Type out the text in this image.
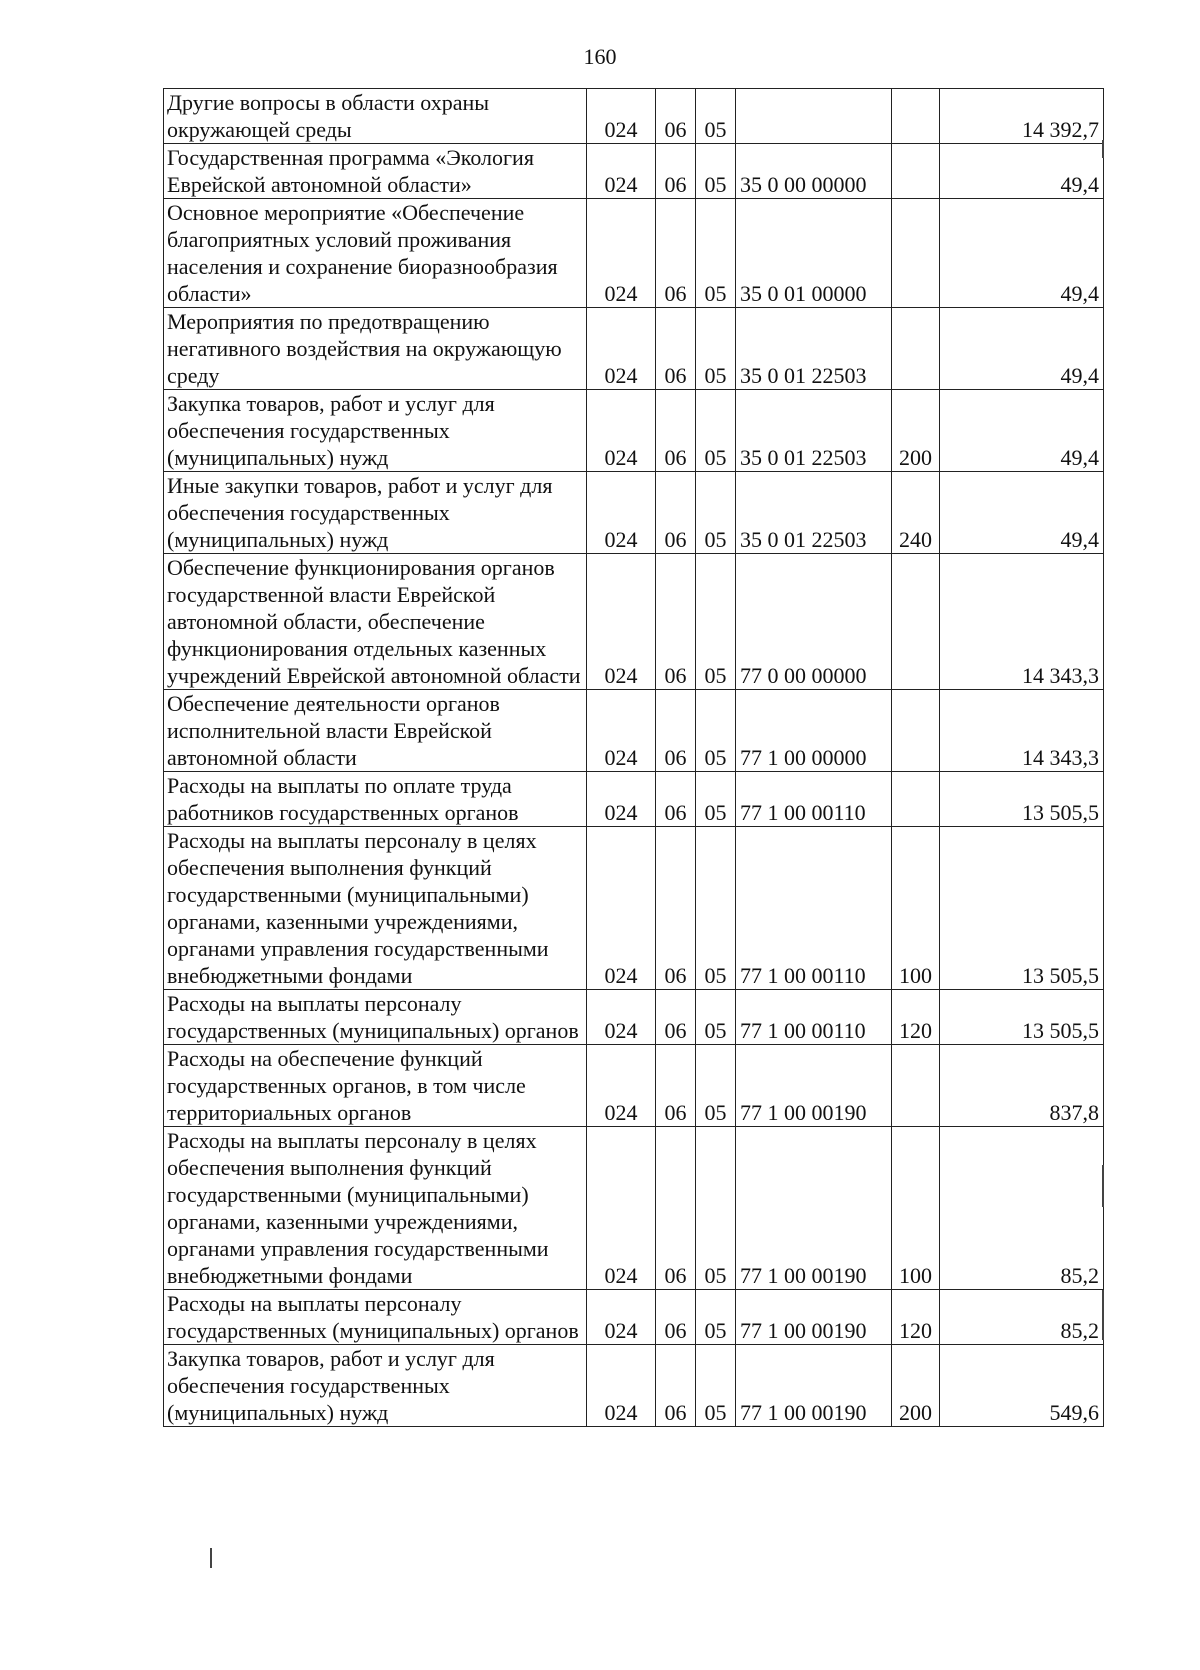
160
Другие вопросы в области охраны окружающей среды	024	06	05			14 392,7
Государственная программа «Экология Еврейской автономной области»	024	06	05	35 0 00 00000		49,4
Основное мероприятие «Обеспечение благоприятных условий проживания населения и сохранение биоразнообразия области»	024	06	05	35 0 01 00000		49,4
Мероприятия по предотвращению негативного воздействия на окружающую среду	024	06	05	35 0 01 22503		49,4
Закупка товаров, работ и услуг для обеспечения государственных (муниципальных) нужд	024	06	05	35 0 01 22503	200	49,4
Иные закупки товаров, работ и услуг для обеспечения государственных (муниципальных) нужд	024	06	05	35 0 01 22503	240	49,4
Обеспечение функционирования органов государственной власти Еврейской автономной области, обеспечение функционирования отдельных казенных учреждений Еврейской автономной области	024	06	05	77 0 00 00000		14 343,3
Обеспечение деятельности органов исполнительной власти Еврейской автономной области	024	06	05	77 1 00 00000		14 343,3
Расходы на выплаты по оплате труда работников государственных органов	024	06	05	77 1 00 00110		13 505,5
Расходы на выплаты персоналу в целях обеспечения выполнения функций государственными (муниципальными) органами, казенными учреждениями, органами управления государственными внебюджетными фондами	024	06	05	77 1 00 00110	100	13 505,5
Расходы на выплаты персоналу государственных (муниципальных) органов	024	06	05	77 1 00 00110	120	13 505,5
Расходы на обеспечение функций государственных органов, в том числе территориальных органов	024	06	05	77 1 00 00190		837,8
Расходы на выплаты персоналу в целях обеспечения выполнения функций государственными (муниципальными) органами, казенными учреждениями, органами управления государственными внебюджетными фондами	024	06	05	77 1 00 00190	100	85,2
Расходы на выплаты персоналу государственных (муниципальных) органов	024	06	05	77 1 00 00190	120	85,2
Закупка товаров, работ и услуг для обеспечения государственных (муниципальных) нужд	024	06	05	77 1 00 00190	200	549,6
